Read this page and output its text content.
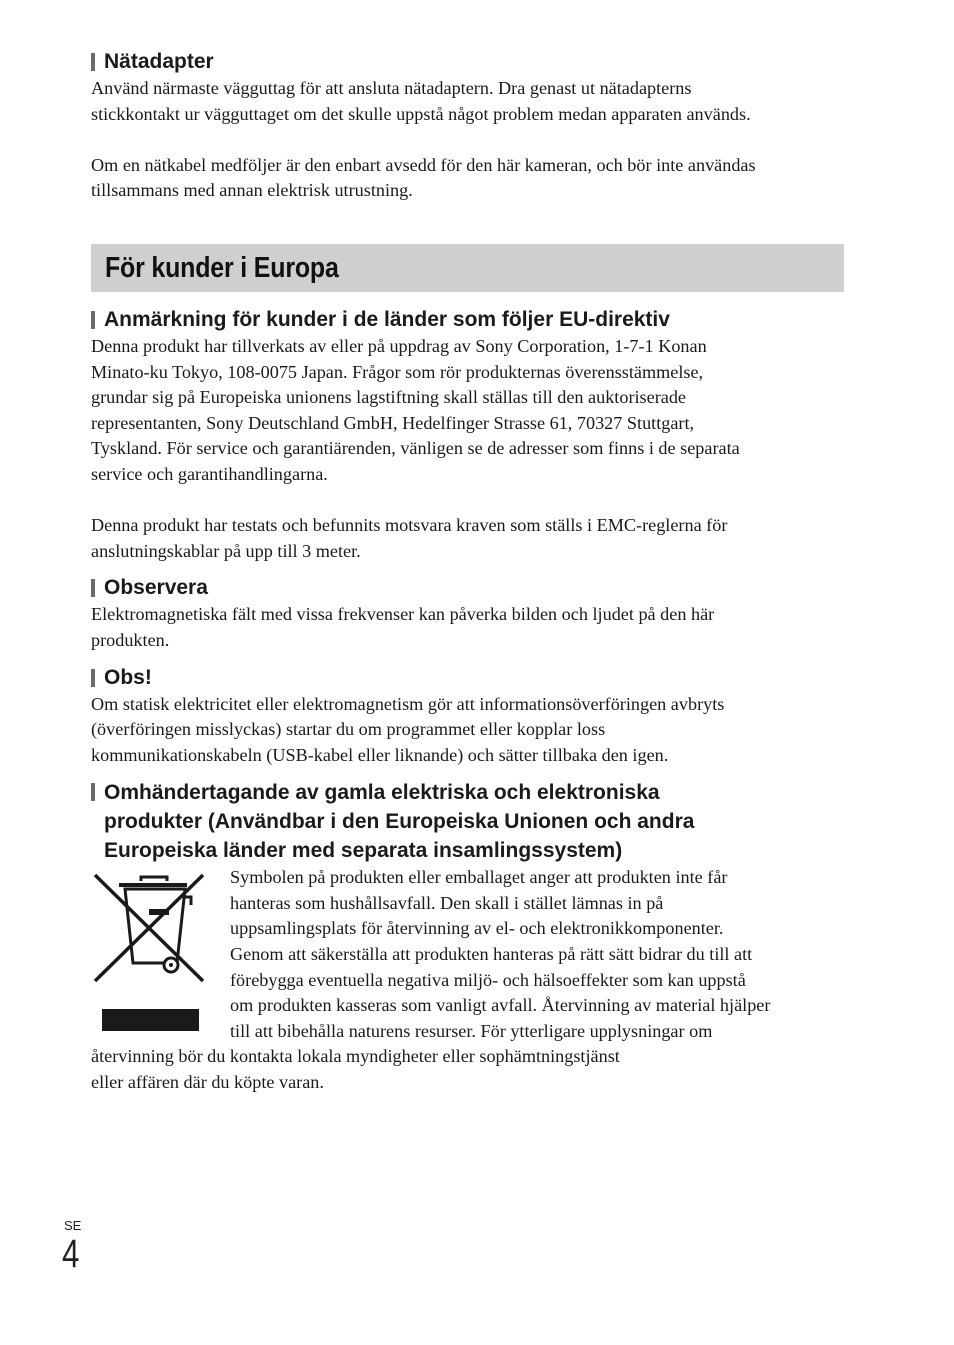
Nätadapter

Använd närmaste vägguttag för att ansluta nätadaptern. Dra genast ut nätadapterns
stickkontakt ur vägguttaget om det skulle uppstå något problem medan apparaten används.

Om en nätkabel medföljer är den enbart avsedd för den här kameran, och bör inte användas
tillsammans med annan elektrisk utrustning.

För kunder i Europa
Anmärkning för kunder i de länder som följer EU-direktiv

Denna produkt har tillverkats av eller på uppdrag av Sony Corporation, 1-7-1 Konan
Minato-ku Tokyo, 108-0075 Japan. Frågor som rör produkternas överensstämmelse,
grundar sig på Europeiska unionens lagstiftning skall ställas till den auktoriserade
representanten, Sony Deutschland GmbH, Hedelfinger Strasse 61, 70327 Stuttgart,
Tyskland. För service och garantiärenden, vänligen se de adresser som finns i de separata
service och garantihandlingarna.

Denna produkt har testats och befunnits motsvara kraven som ställs i EMC-reglerna för
anslutningskablar på upp till 3 meter.

Observera

Elektromagnetiska fält med vissa frekvenser kan påverka bilden och ljudet på den här
produkten.

Obs!

Om statisk elektricitet eller elektromagnetism gör att informationsöverföringen avbryts
(överföringen misslyckas) startar du om programmet eller kopplar loss
kommunikationskabeln (USB-kabel eller liknande) och sätter tillbaka den igen.

Omhändertagande av gamla elektriska och elektroniska
produkter (Användbar i den Europeiska Unionen och andra
Europeiska länder med separata insamlingssystem)

Symbolen på produkten eller emballaget anger att produkten inte får
hanteras som hushållsavfall. Den skall i stället lämnas in på
uppsamlingsplats för återvinning av el- och elektronikkomponenter.
Genom att säkerställa att produkten hanteras på rätt sätt bidrar du till att
förebygga eventuella negativa miljö- och hälsoeffekter som kan uppstå
om produkten kasseras som vanligt avfall. Återvinning av material hjälper
till att bibehålla naturens resurser. För ytterligare upplysningar om
återvinning bör du kontakta lokala myndigheter eller sophämtningstjänst
eller affären där du köpte varan.

SE
4
